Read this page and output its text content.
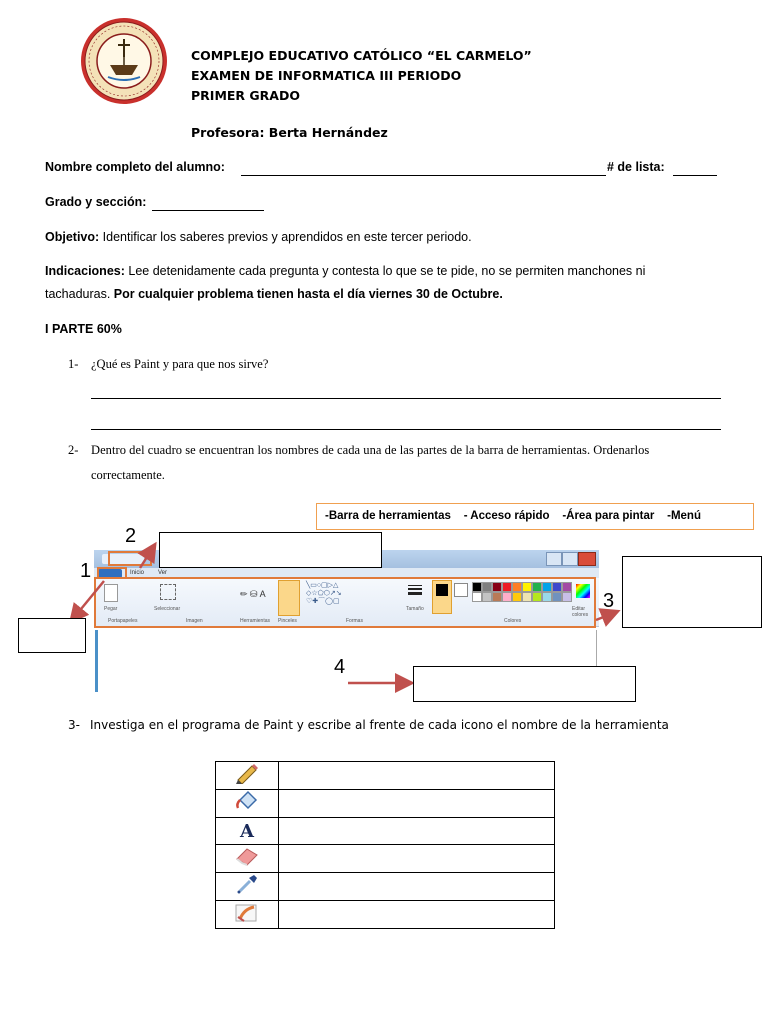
COMPLEJO EDUCATIVO CATÓLICO “EL CARMELO”
EXAMEN DE INFORMATICA III PERIODO
PRIMER GRADO
Profesora: Berta Hernández
Nombre completo del alumno:	# de lista:
Grado y sección:
Objetivo: Identificar los saberes previos y aprendidos en este tercer periodo.
Indicaciones: Lee detenidamente cada pregunta y contesta lo que se te pide, no se permiten manchones ni
tachaduras. Por cualquier problema tienen hasta el día viernes 30 de Octubre.
I PARTE 60%
1- ¿Qué es Paint y para que nos sirve?
2- Dentro del cuadro se encuentran los nombres de cada una de las partes de la barra de herramientas. Ordenarlos
correctamente.
-Barra de herramientas    - Acceso rápido    -Área para pintar    -Menú
Inicio Ver
Pegar	Seleccionar
✏ ⛁ A
Pinceles
╲▭○▢▷△
◇☆⬠⬡↗↘
♡✚⌒◯▢
Tamaño	Editar colores
Portapapeles	Imagen	Herramientas	Formas	Colores
1
2
3
4
3- Investiga en el programa de Paint y escribe al frente de cada icono el nombre de la herramienta

A	
